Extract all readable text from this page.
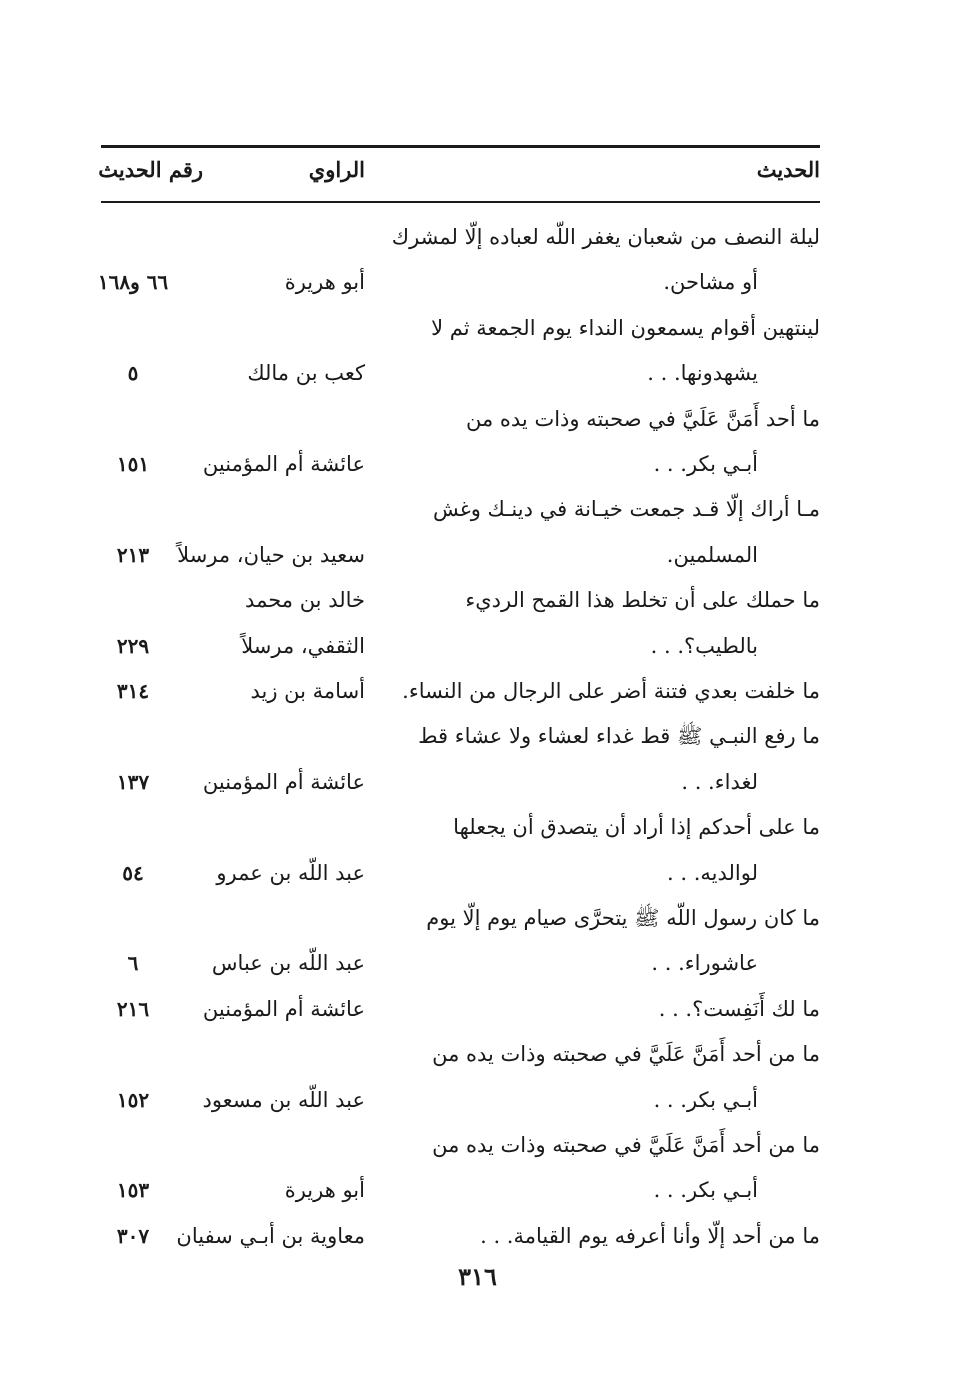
الحديث
الراوي
رقم الحديث
ليلة النصف من شعبان يغفر اللّه لعباده إلّا لمشرك
أو مشاحن.
أبو هريرة
٦٦ و١٦٨
لينتهين أقوام يسمعون النداء يوم الجمعة ثم لا
يشهدونها. . .
كعب بن مالك
٥
ما أحد أَمَنَّ عَلَيَّ في صحبته وذات يده من
أبـي بكر. . .
عائشة أم المؤمنين
١٥١
مـا أراك إلّا قـد جمعت خيـانة في دينـك وغش
المسلمين.
سعيد بن حيان، مرسلاً
٢١٣
ما حملك على أن تخلط هذا القمح الرديء
بالطيب؟. . .
خالد بن محمد
الثقفي، مرسلاً
٢٢٩
ما خلفت بعدي فتنة أضر على الرجال من النساء.
أسامة بن زيد
٣١٤
ما رفع النبـي ﷺ قط غداء لعشاء ولا عشاء قط
لغداء. . .
عائشة أم المؤمنين
١٣٧
ما على أحدكم إذا أراد أن يتصدق أن يجعلها
لوالديه. . .
عبد اللّه بن عمرو
٥٤
ما كان رسول اللّه ﷺ يتحرَّى صيام يوم إلّا يوم
عاشوراء. . .
عبد اللّه بن عباس
٦
ما لك أَنَفِست؟. . .
عائشة أم المؤمنين
٢١٦
ما من أحد أَمَنَّ عَلَيَّ في صحبته وذات يده من
أبـي بكر. . .
عبد اللّه بن مسعود
١٥٢
ما من أحد أَمَنَّ عَلَيَّ في صحبته وذات يده من
أبـي بكر. . .
أبو هريرة
١٥٣
ما من أحد إلّا وأنا أعرفه يوم القيامة. . .
معاوية بن أبـي سفيان
٣٠٧
٣١٦
